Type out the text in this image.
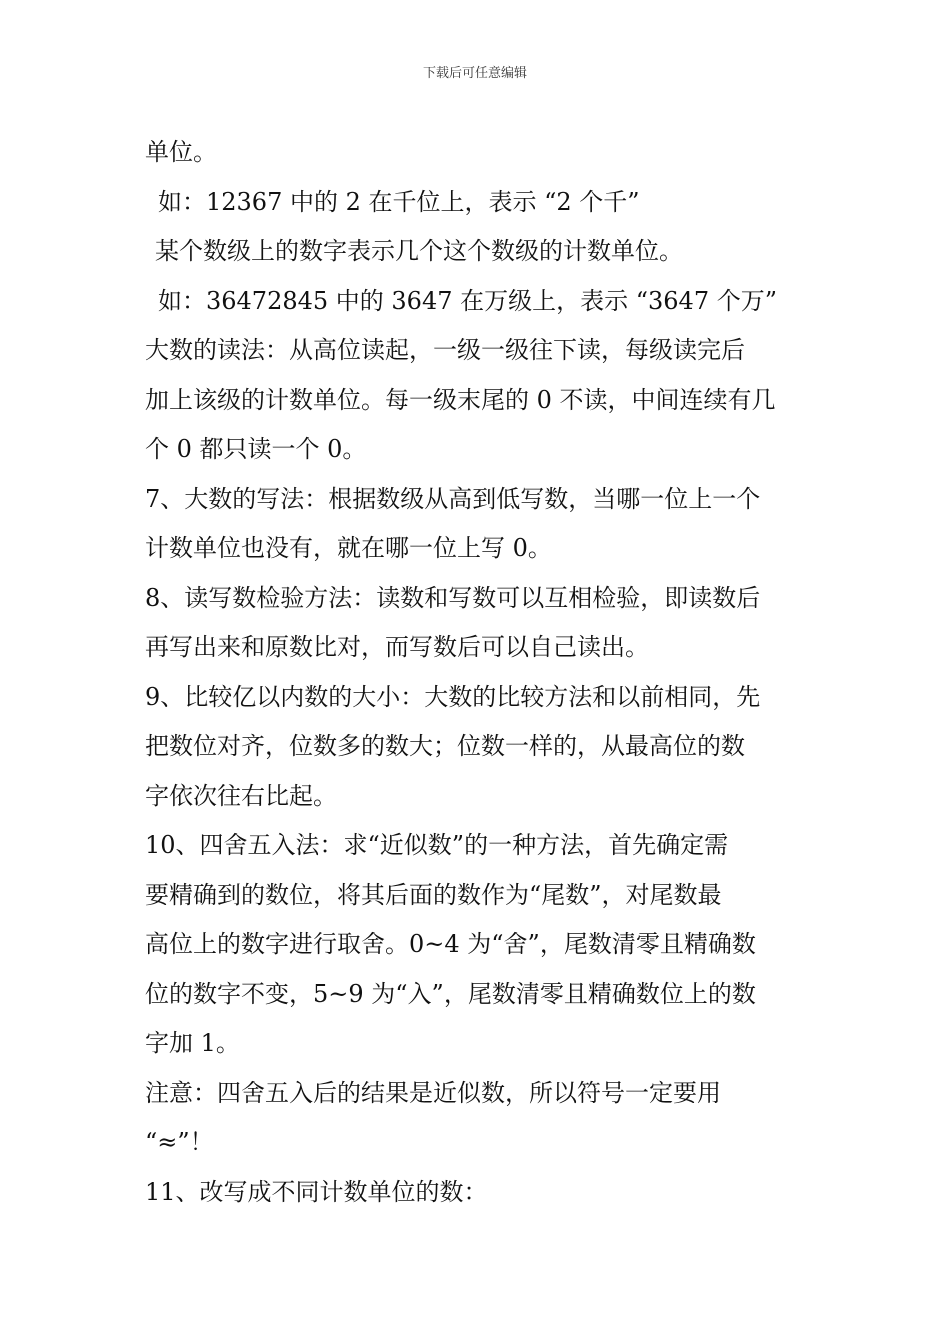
下载后可任意编辑
单位。
如：12367 中的 2 在千位上，表示 “2 个千”
某个数级上的数字表示几个这个数级的计数单位。
如：36472845 中的 3647 在万级上，表示 “3647 个万”
大数的读法：从高位读起，一级一级往下读，每级读完后
加上该级的计数单位。每一级末尾的 0 不读，中间连续有几
个 0 都只读一个 0。
7、大数的写法：根据数级从高到低写数，当哪一位上一个
计数单位也没有，就在哪一位上写 0。
8、读写数检验方法：读数和写数可以互相检验，即读数后
再写出来和原数比对，而写数后可以自己读出。
9、比较亿以内数的大小：大数的比较方法和以前相同，先
把数位对齐，位数多的数大；位数一样的，从最高位的数
字依次往右比起。
10、四舍五入法：求“近似数”的一种方法，首先确定需
要精确到的数位，将其后面的数作为“尾数”，对尾数最
高位上的数字进行取舍。0~4 为“舍”，尾数清零且精确数
位的数字不变，5~9 为“入”，尾数清零且精确数位上的数
字加 1。
注意：四舍五入后的结果是近似数，所以符号一定要用
“≈”！
11、改写成不同计数单位的数：
